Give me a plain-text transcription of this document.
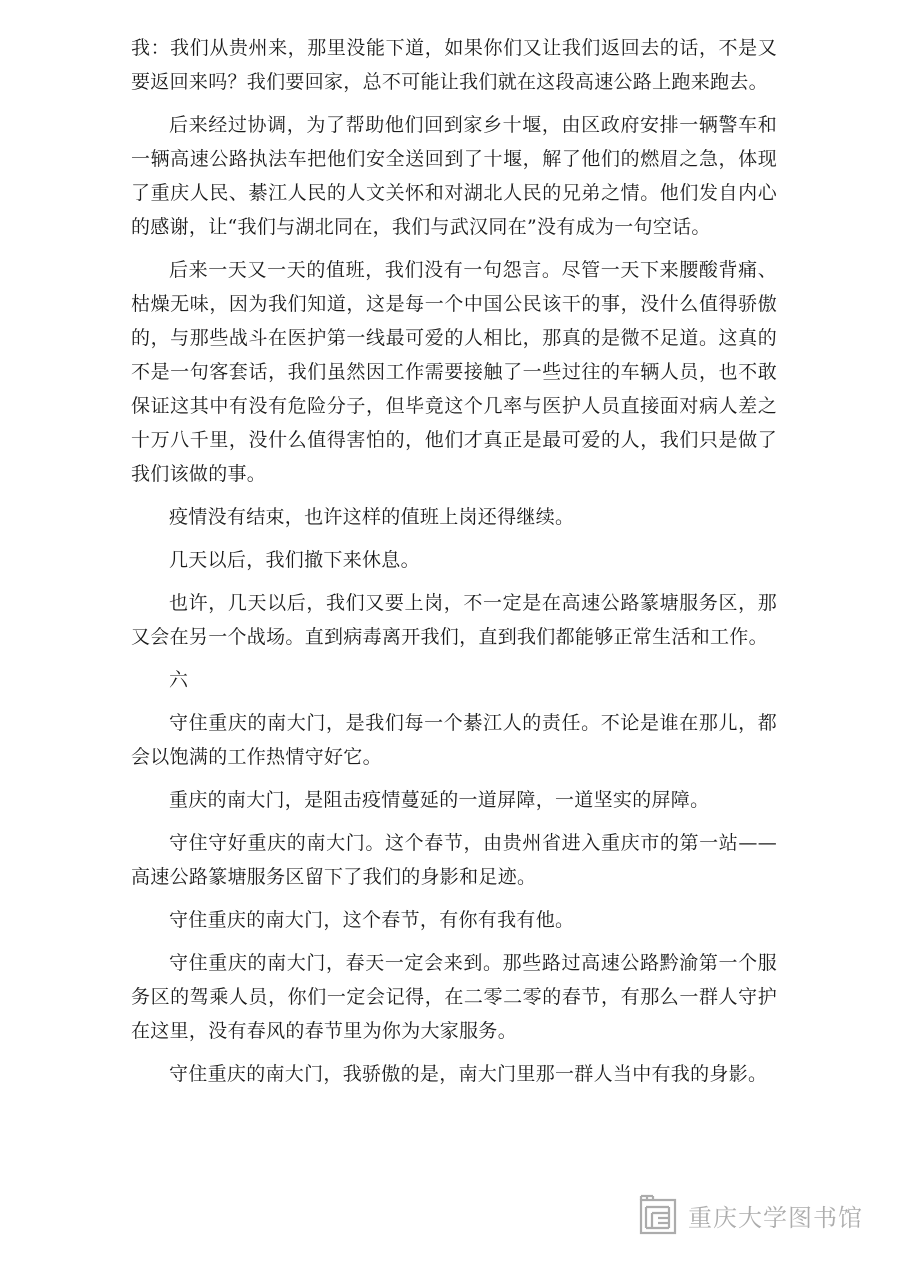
我：我们从贵州来，那里没能下道，如果你们又让我们返回去的话，不是又要返回来吗？我们要回家，总不可能让我们就在这段高速公路上跑来跑去。

后来经过协调，为了帮助他们回到家乡十堰，由区政府安排一辆警车和一辆高速公路执法车把他们安全送回到了十堰，解了他们的燃眉之急，体现了重庆人民、綦江人民的人文关怀和对湖北人民的兄弟之情。他们发自内心的感谢，让“我们与湖北同在，我们与武汉同在”没有成为一句空话。

后来一天又一天的值班，我们没有一句怨言。尽管一天下来腰酸背痛、枯燥无味，因为我们知道，这是每一个中国公民该干的事，没什么值得骄傲的，与那些战斗在医护第一线最可爱的人相比，那真的是微不足道。这真的不是一句客套话，我们虽然因工作需要接触了一些过往的车辆人员，也不敢保证这其中有没有危险分子，但毕竟这个几率与医护人员直接面对病人差之十万八千里，没什么值得害怕的，他们才真正是最可爱的人，我们只是做了我们该做的事。

疫情没有结束，也许这样的值班上岗还得继续。

几天以后，我们撤下来休息。

也许，几天以后，我们又要上岗，不一定是在高速公路篆塘服务区，那又会在另一个战场。直到病毒离开我们，直到我们都能够正常生活和工作。

六

守住重庆的南大门，是我们每一个綦江人的责任。不论是谁在那儿，都会以饱满的工作热情守好它。

重庆的南大门，是阻击疫情蔓延的一道屏障，一道坚实的屏障。

守住守好重庆的南大门。这个春节，由贵州省进入重庆市的第一站——高速公路篆塘服务区留下了我们的身影和足迹。

守住重庆的南大门，这个春节，有你有我有他。

守住重庆的南大门，春天一定会来到。那些路过高速公路黔渝第一个服务区的驾乘人员，你们一定会记得，在二零二零的春节，有那么一群人守护在这里，没有春风的春节里为你为大家服务。

守住重庆的南大门，我骄傲的是，南大门里那一群人当中有我的身影。

重庆大学图书馆
